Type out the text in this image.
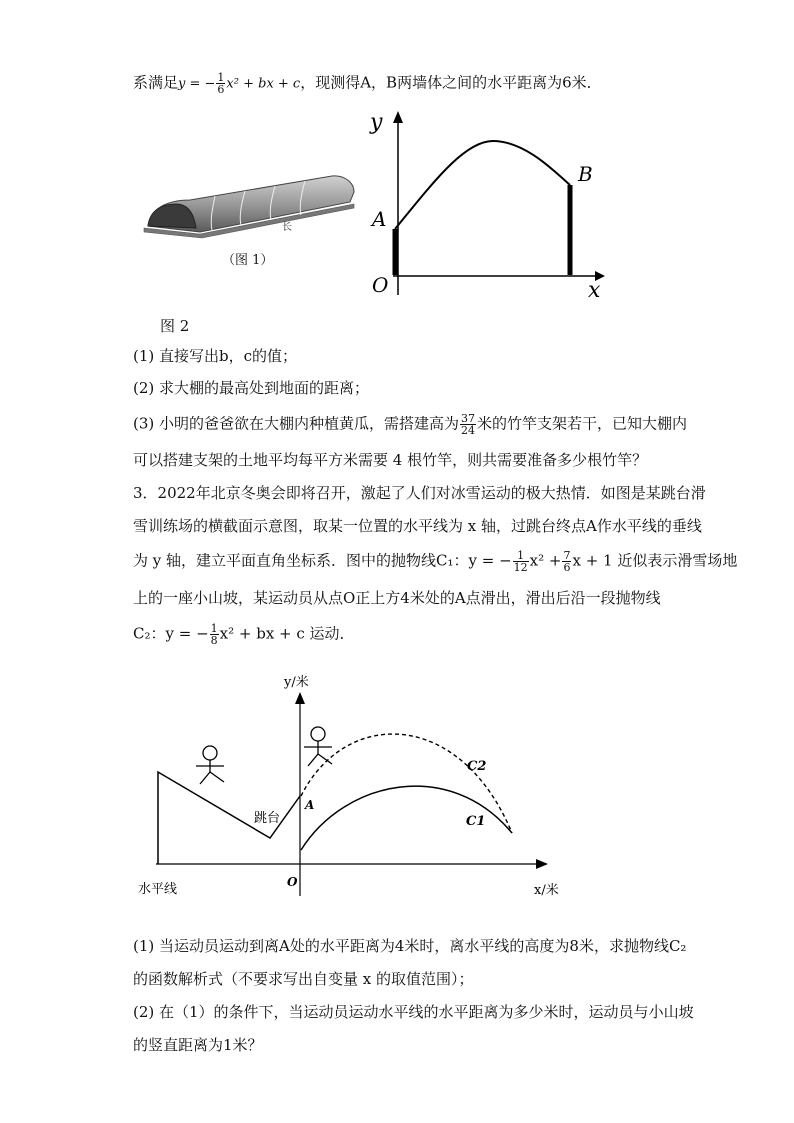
系满足y = − $\frac{1}{6} x^2$ + bx + c，现测得A，B两墙体之间的水平距离为6米．
长
（图 1）
y
x
O
A
B
图 2
(1) 直接写出b，c的值；
(2) 求大棚的最高处到地面的距离；
(3) 小明的爸爸欲在大棚内种植黄瓜，需搭建高为 $\frac{37}{24}$ 米的竹竿支架若干，已知大棚内
可以搭建支架的土地平均每平方米需要 4 根竹竿，则共需要准备多少根竹竿？
3．2022年北京冬奥会即将召开，激起了人们对冰雪运动的极大热情．如图是某跳台滑
雪训练场的横截面示意图，取某一位置的水平线为 x 轴，过跳台终点A作水平线的垂线
为 y 轴，建立平面直角坐标系．图中的抛物线C₁：y = − $\frac{1}{12} x^2 + \frac{7}{6}$ x + 1 近似表示滑雪场地
上的一座小山坡，某运动员从点O正上方4米处的A点滑出，滑出后沿一段抛物线
C₂：y = − $\frac{1}{8} x^2$ + bx + c 运动．
y/米
x/米
O
A
跳台	C1
C2
水平线
(1) 当运动员运动到离A处的水平距离为4米时，离水平线的高度为8米，求抛物线C₂
的函数解析式（不要求写出自变量 x 的取值范围）；
(2) 在（1）的条件下，当运动员运动水平线的水平距离为多少米时，运动员与小山坡
的竖直距离为1米？
